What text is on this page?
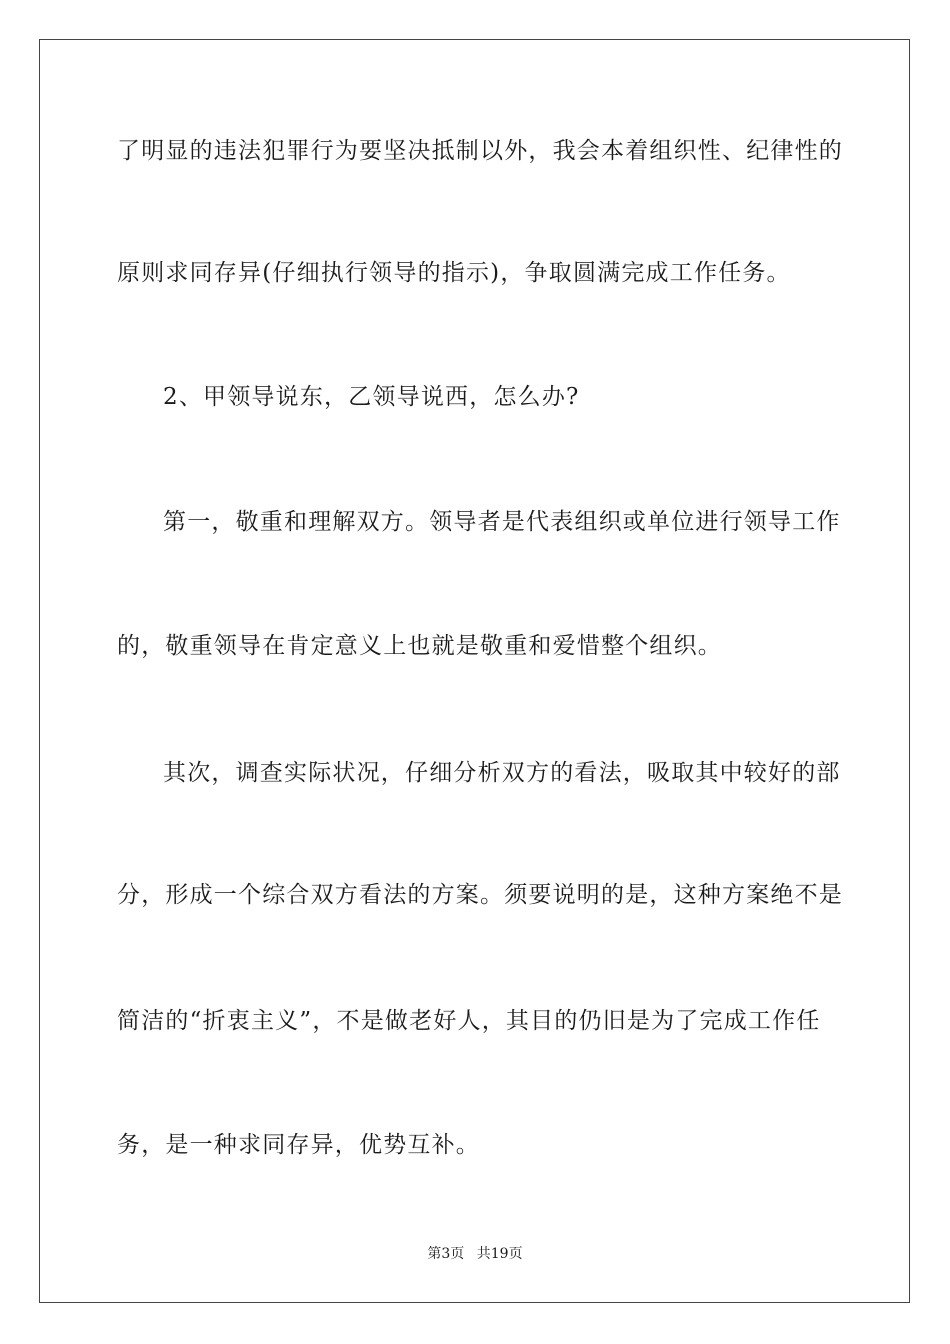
了明显的违法犯罪行为要坚决抵制以外，我会本着组织性、纪律性的

原则求同存异(仔细执行领导的指示)，争取圆满完成工作任务。

2、甲领导说东，乙领导说西，怎么办?

第一，敬重和理解双方。领导者是代表组织或单位进行领导工作

的，敬重领导在肯定意义上也就是敬重和爱惜整个组织。

其次，调查实际状况，仔细分析双方的看法，吸取其中较好的部

分，形成一个综合双方看法的方案。须要说明的是，这种方案绝不是

简洁的“折衷主义”，不是做老好人，其目的仍旧是为了完成工作任

务，是一种求同存异，优势互补。

第3页 共19页
